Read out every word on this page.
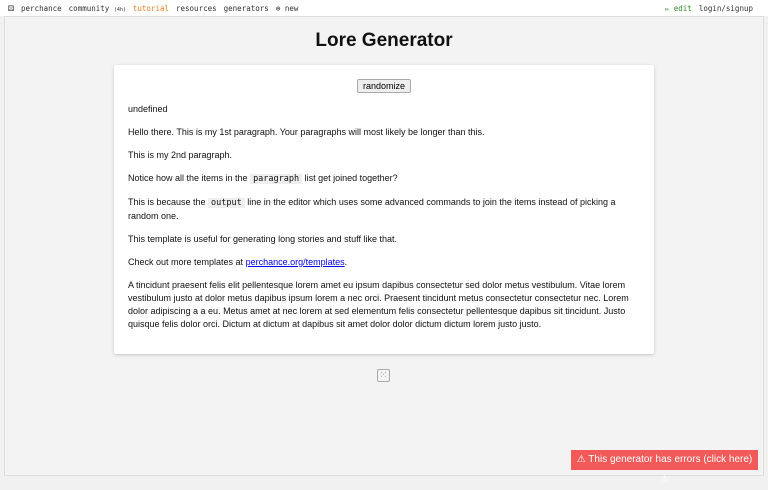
⚄ perchance community (4h) tutorial resources generators ⊕ new	✏ edit login/signup
Lore Generator
randomize

undefined

Hello there. This is my 1st paragraph. Your paragraphs will most likely be longer than this.

This is my 2nd paragraph.

Notice how all the items in the paragraph list get joined together?

This is because the output line in the editor which uses some advanced commands to join the items instead of picking a random one.

This template is useful for generating long stories and stuff like that.

Check out more templates at perchance.org/templates.

A tincidunt praesent felis elit pellentesque lorem amet eu ipsum dapibus consectetur sed dolor metus vestibulum. Vitae lorem vestibulum justo at dolor metus dapibus ipsum lorem a nec orci. Praesent tincidunt metus consectetur consectetur nec. Lorem dolor adipiscing a a eu. Metus amet at nec lorem at sed elementum felis consectetur pellentesque dapibus sit tincidunt. Justo quisque felis dolor orci. Dictum at dictum at dapibus sit amet dolor dolor dictum dictum lorem justo justo.

⁙
⚠ This generator has errors (click here) ⚠
